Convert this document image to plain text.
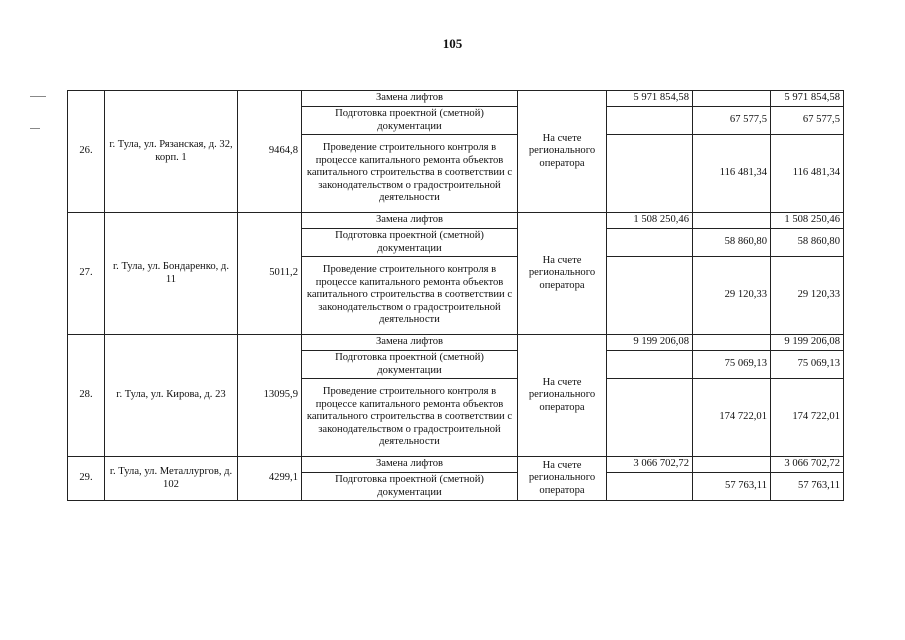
105
26.	г. Тула, ул. Рязанская, д. 32, корп. 1	9464,8	Замена лифтов	На счете регионального оператора	5 971 854,58		5 971 854,58
			Подготовка проектной (сметной) документации			67 577,5	67 577,5
			Проведение строительного контроля в процессе капитального ремонта объектов капитального строительства в соответствии с законодательством о градостроительной деятельности			116 481,34	116 481,34
27.	г. Тула, ул. Бондаренко, д. 11	5011,2	Замена лифтов	На счете регионального оператора	1 508 250,46		1 508 250,46
			Подготовка проектной (сметной) документации			58 860,80	58 860,80
			Проведение строительного контроля в процессе капитального ремонта объектов капитального строительства в соответствии с законодательством о градостроительной деятельности			29 120,33	29 120,33
28.	г. Тула, ул. Кирова, д. 23	13095,9	Замена лифтов	На счете регионального оператора	9 199 206,08		9 199 206,08
			Подготовка проектной (сметной) документации			75 069,13	75 069,13
			Проведение строительного контроля в процессе капитального ремонта объектов капитального строительства в соответствии с законодательством о градостроительной деятельности			174 722,01	174 722,01
29.	г. Тула, ул. Металлургов, д. 102	4299,1	Замена лифтов	На счете регионального оператора	3 066 702,72		3 066 702,72
			Подготовка проектной (сметной) документации			57 763,11	57 763,11
